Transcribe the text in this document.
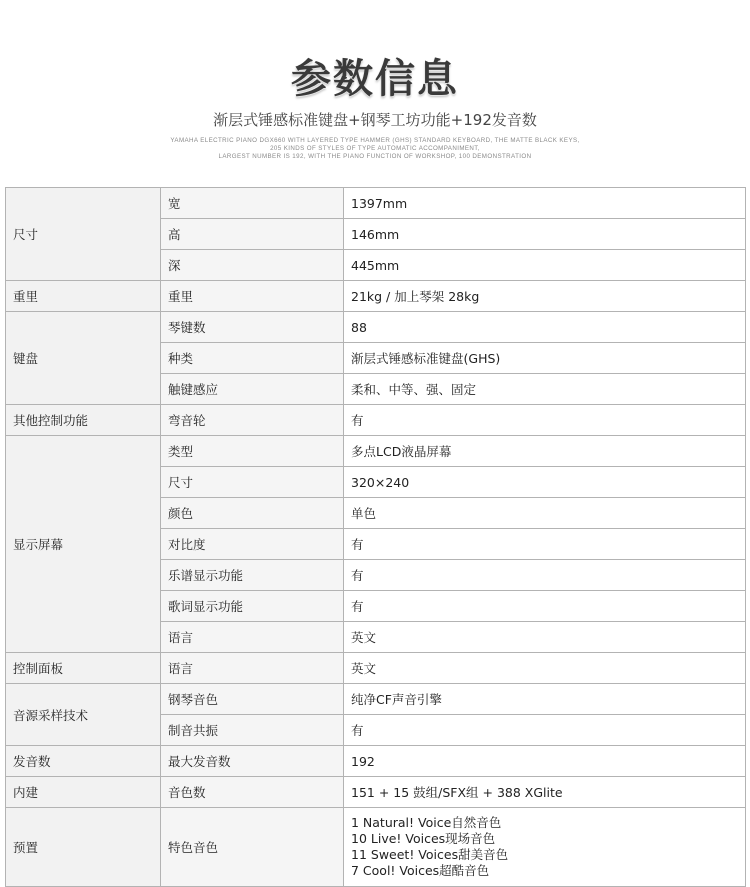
参数信息
渐层式锤感标准键盘+钢琴工坊功能+192发音数
YAMAHA ELECTRIC PIANO DGX660 WITH LAYERED TYPE HAMMER (GHS) STANDARD KEYBOARD, THE MATTE BLACK KEYS,
205 KINDS OF STYLES OF TYPE AUTOMATIC ACCOMPANIMENT,
LARGEST NUMBER IS 192, WITH THE PIANO FUNCTION OF WORKSHOP, 100 DEMONSTRATION
尺寸	宽	1397mm
	高	146mm
	深	445mm
重里	重里	21kg / 加上琴架 28kg
键盘	琴键数	88
	种类	渐层式锤感标准键盘(GHS)
	触键感应	柔和、中等、强、固定
其他控制功能	弯音轮	有
显示屏幕	类型	多点LCD液晶屏幕
	尺寸	320×240
	颜色	单色
	对比度	有
	乐谱显示功能	有
	歌词显示功能	有
	语言	英文
控制面板	语言	英文
音源采样技术	钢琴音色	纯净CF声音引擎
	制音共振	有
发音数	最大发音数	192
内建	音色数	151 + 15 鼓组/SFX组 + 388 XGlite
预置	特色音色	1 Natural! Voice自然音色
10 Live! Voices现场音色
11 Sweet! Voices甜美音色
7 Cool! Voices超酷音色
